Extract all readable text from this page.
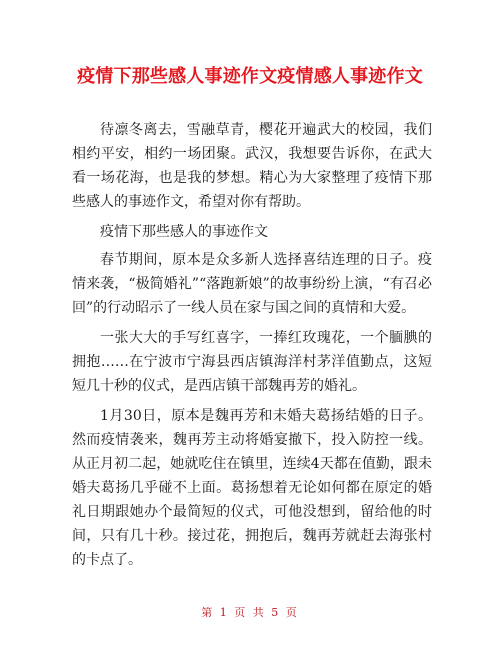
疫情下那些感人事迹作文疫情感人事迹作文

待凛冬离去，雪融草青，樱花开遍武大的校园，我们相约平安，相约一场团聚。武汉，我想要告诉你，在武大看一场花海，也是我的梦想。精心为大家整理了疫情下那些感人的事迹作文，希望对你有帮助。

疫情下那些感人的事迹作文

春节期间，原本是众多新人选择喜结连理的日子。疫情来袭，“极简婚礼”“落跑新娘”的故事纷纷上演，“有召必回”的行动昭示了一线人员在家与国之间的真情和大爱。

一张大大的手写红喜字，一捧红玫瑰花，一个腼腆的拥抱……在宁波市宁海县西店镇海洋村茅洋值勤点，这短短几十秒的仪式，是西店镇干部魏再芳的婚礼。

1月30日，原本是魏再芳和未婚夫葛扬结婚的日子。然而疫情袭来，魏再芳主动将婚宴撤下，投入防控一线。从正月初二起，她就吃住在镇里，连续4天都在值勤，跟未婚夫葛扬几乎碰不上面。葛扬想着无论如何都在原定的婚礼日期跟她办个最简短的仪式，可他没想到，留给他的时间，只有几十秒。接过花，拥抱后，魏再芳就赶去海张村的卡点了。

第 1 页 共 5 页
